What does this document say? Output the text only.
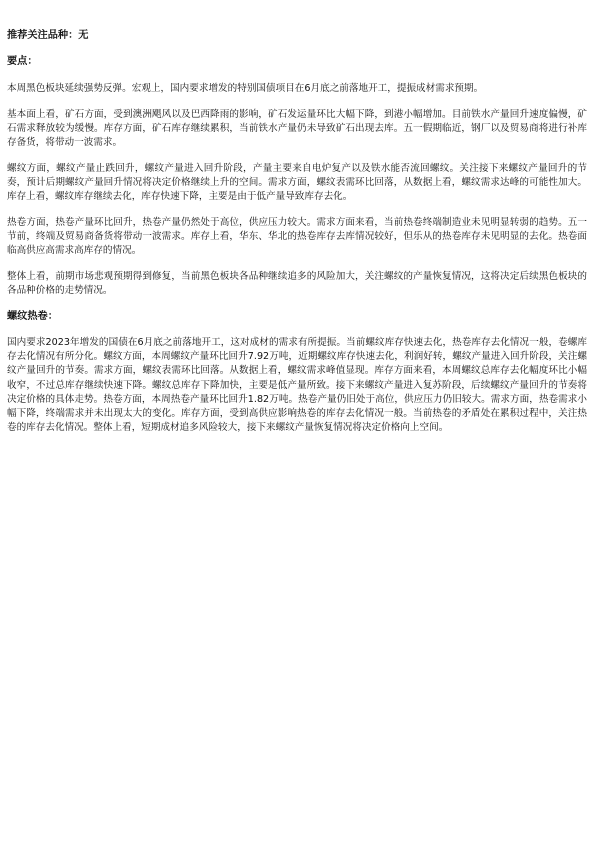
推荐关注品种：无
要点：
本周黑色板块延续强势反弹。宏观上，国内要求增发的特别国债项目在6月底之前落地开工，提振成材需求预期。
基本面上看，矿石方面，受到澳洲飓风以及巴西降雨的影响，矿石发运量环比大幅下降，到港小幅增加。目前铁水产量回升速度偏慢，矿石需求释放较为缓慢。库存方面，矿石库存继续累积，当前铁水产量仍未导致矿石出现去库。五一假期临近，钢厂以及贸易商将进行补库存备货，将带动一波需求。
螺纹方面，螺纹产量止跌回升，螺纹产量进入回升阶段，产量主要来自电炉复产以及铁水能否流回螺纹。关注接下来螺纹产量回升的节奏，预计后期螺纹产量回升情况将决定价格继续上升的空间。需求方面，螺纹表需环比回落，从数据上看，螺纹需求达峰的可能性加大。库存上看，螺纹库存继续去化，库存快速下降，主要是由于低产量导致库存去化。
热卷方面，热卷产量环比回升，热卷产量仍然处于高位，供应压力较大。需求方面来看，当前热卷终端制造业未见明显转弱的趋势。五一节前，终端及贸易商备货将带动一波需求。库存上看，华东、华北的热卷库存去库情况较好，但乐从的热卷库存未见明显的去化。热卷面临高供应高需求高库存的情况。
整体上看，前期市场悲观预期得到修复，当前黑色板块各品种继续追多的风险加大，关注螺纹的产量恢复情况，这将决定后续黑色板块的各品种价格的走势情况。
螺纹热卷：
国内要求2023年增发的国债在6月底之前落地开工，这对成材的需求有所提振。当前螺纹库存快速去化，热卷库存去化情况一般，卷螺库存去化情况有所分化。螺纹方面，本周螺纹产量环比回升7.92万吨，近期螺纹库存快速去化，利润好转，螺纹产量进入回升阶段，关注螺纹产量回升的节奏。需求方面，螺纹表需环比回落。从数据上看，螺纹需求峰值显现。库存方面来看，本周螺纹总库存去化幅度环比小幅收窄，不过总库存继续快速下降。螺纹总库存下降加快，主要是低产量所致。接下来螺纹产量进入复苏阶段，后续螺纹产量回升的节奏将决定价格的具体走势。热卷方面，本周热卷产量环比回升1.82万吨。热卷产量仍旧处于高位，供应压力仍旧较大。需求方面，热卷需求小幅下降，终端需求并未出现太大的变化。库存方面，受到高供应影响热卷的库存去化情况一般。当前热卷的矛盾处在累积过程中，关注热卷的库存去化情况。整体上看，短期成材追多风险较大，接下来螺纹产量恢复情况将决定价格向上空间。
